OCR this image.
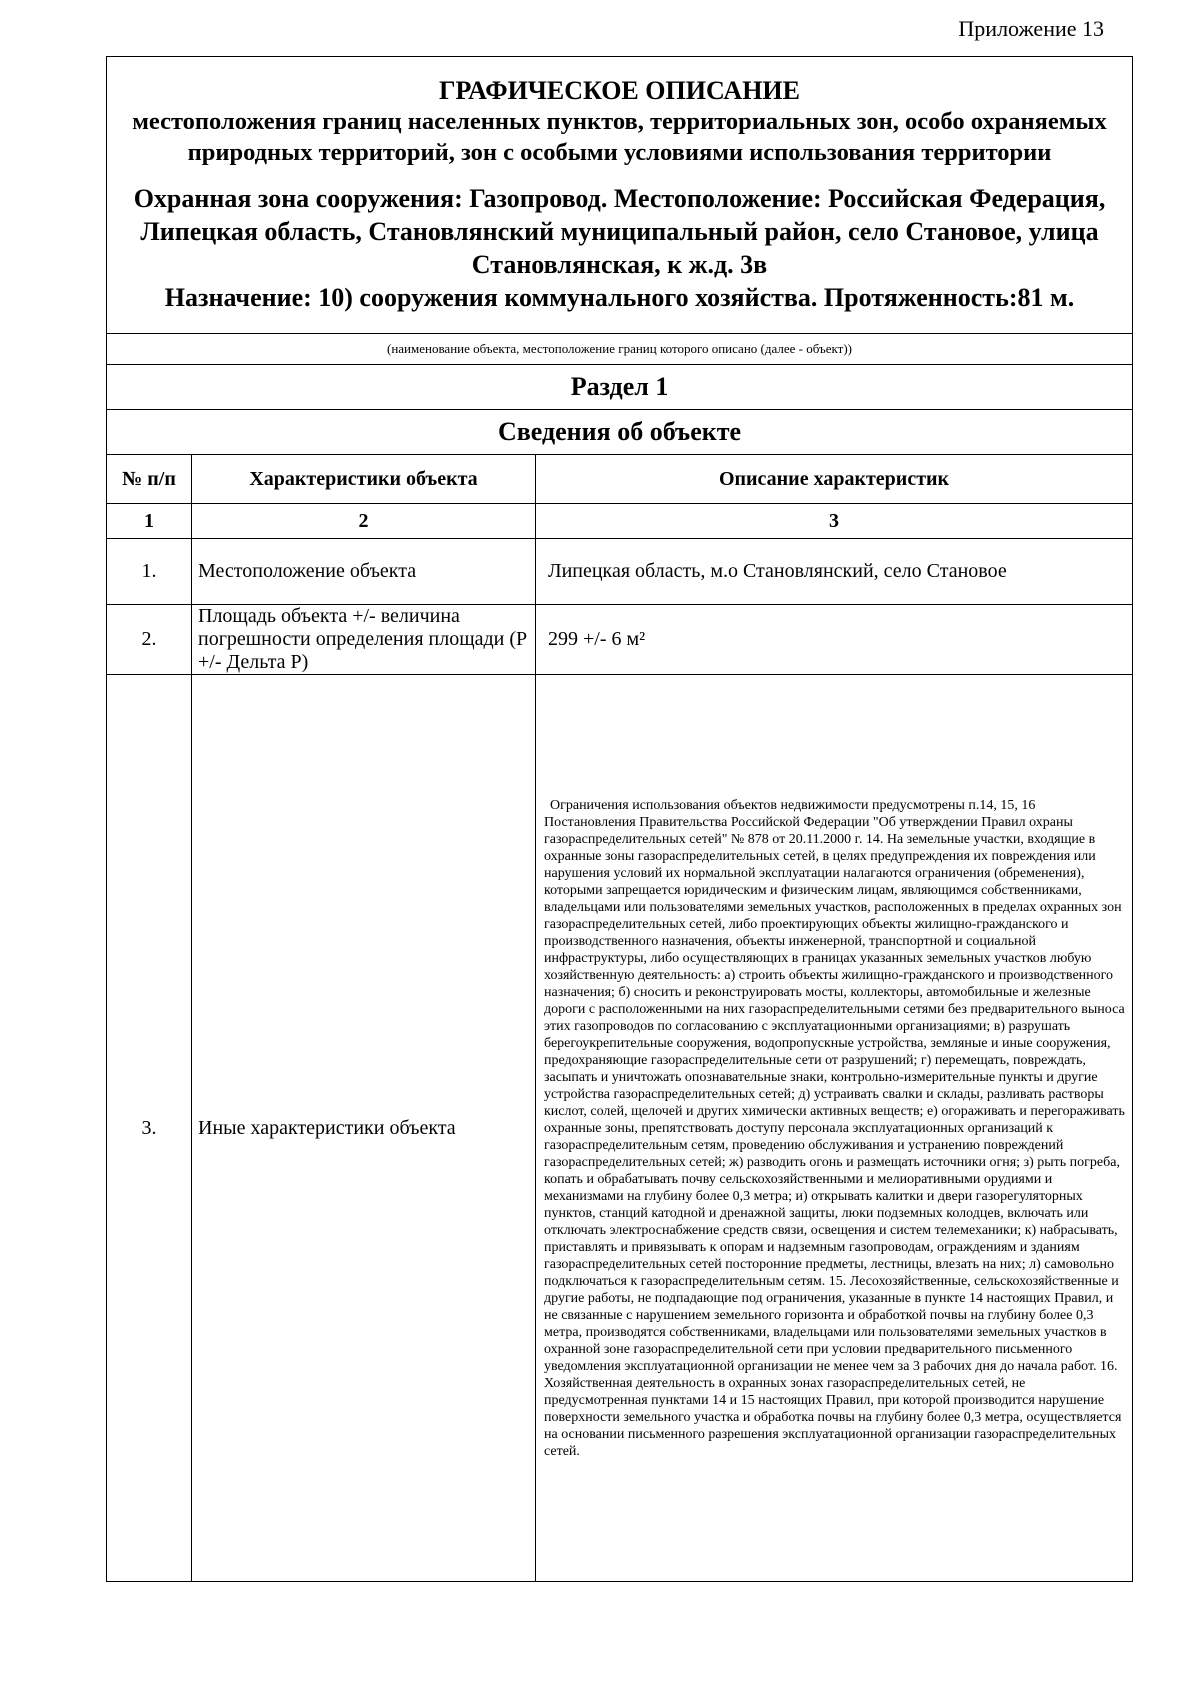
Приложение 13
ГРАФИЧЕСКОЕ ОПИСАНИЕ
местоположения границ населенных пунктов, территориальных зон, особо охраняемых природных территорий, зон с особыми условиями использования территории
Охранная зона сооружения: Газопровод. Местоположение: Российская Федерация, Липецкая область, Становлянский муниципальный район, село Становое, улица Становлянская, к ж.д. 3в
Назначение: 10) сооружения коммунального хозяйства. Протяженность:81 м.		

(наименование объекта, местоположение границ которого описано (далее - объект))		
Раздел 1		
Сведения об объекте		
№ п/п	Характеристики объекта	Описание характеристик
1	2	3
1.	Местоположение объекта	Липецкая область, м.о Становлянский, село Становое
2.	Площадь объекта +/- величина погрешности определения площади (P +/- Дельта P)	299 +/- 6 м²
3.	Иные характеристики объекта	Ограничения использования объектов недвижимости предусмотрены п.14, 15, 16 Постановления Правительства Российской Федерации "Об утверждении Правил охраны газораспределительных сетей" № 878 от 20.11.2000 г. 14. На земельные участки, входящие в охранные зоны газораспределительных сетей, в целях предупреждения их повреждения или нарушения условий их нормальной эксплуатации налагаются ограничения (обременения), которыми запрещается юридическим и физическим лицам, являющимся собственниками, владельцами или пользователями земельных участков, расположенных в пределах охранных зон газораспределительных сетей, либо проектирующих объекты жилищно-гражданского и производственного назначения, объекты инженерной, транспортной и социальной инфраструктуры, либо осуществляющих в границах указанных земельных участков любую хозяйственную деятельность: а) строить объекты жилищно-гражданского и производственного назначения; б) сносить и реконструировать мосты, коллекторы, автомобильные и железные дороги с расположенными на них газораспределительными сетями без предварительного выноса этих газопроводов по согласованию с эксплуатационными организациями; в) разрушать берегоукрепительные сооружения, водопропускные устройства, земляные и иные сооружения, предохраняющие газораспределительные сети от разрушений; г) перемещать, повреждать, засыпать и уничтожать опознавательные знаки, контрольно-измерительные пункты и другие устройства газораспределительных сетей; д) устраивать свалки и склады, разливать растворы кислот, солей, щелочей и других химически активных веществ; е) огораживать и перегораживать охранные зоны, препятствовать доступу персонала эксплуатационных организаций к газораспределительным сетям, проведению обслуживания и устранению повреждений газораспределительных сетей; ж) разводить огонь и размещать источники огня; з) рыть погреба, копать и обрабатывать почву сельскохозяйственными и мелиоративными орудиями и механизмами на глубину более 0,3 метра; и) открывать калитки и двери газорегуляторных пунктов, станций катодной и дренажной защиты, люки подземных колодцев, включать или отключать электроснабжение средств связи, освещения и систем телемеханики; к) набрасывать, приставлять и привязывать к опорам и надземным газопроводам, ограждениям и зданиям газораспределительных сетей посторонние предметы, лестницы, влезать на них; л) самовольно подключаться к газораспределительным сетям. 15. Лесохозяйственные, сельскохозяйственные и другие работы, не подпадающие под ограничения, указанные в пункте 14 настоящих Правил, и не связанные с нарушением земельного горизонта и обработкой почвы на глубину более 0,3 метра, производятся собственниками, владельцами или пользователями земельных участков в охранной зоне газораспределительной сети при условии предварительного письменного уведомления эксплуатационной организации не менее чем за 3 рабочих дня до начала работ. 16. Хозяйственная деятельность в охранных зонах газораспределительных сетей, не предусмотренная пунктами 14 и 15 настоящих Правил, при которой производится нарушение поверхности земельного участка и обработка почвы на глубину более 0,3 метра, осуществляется на основании письменного разрешения эксплуатационной организации газораспределительных сетей.
